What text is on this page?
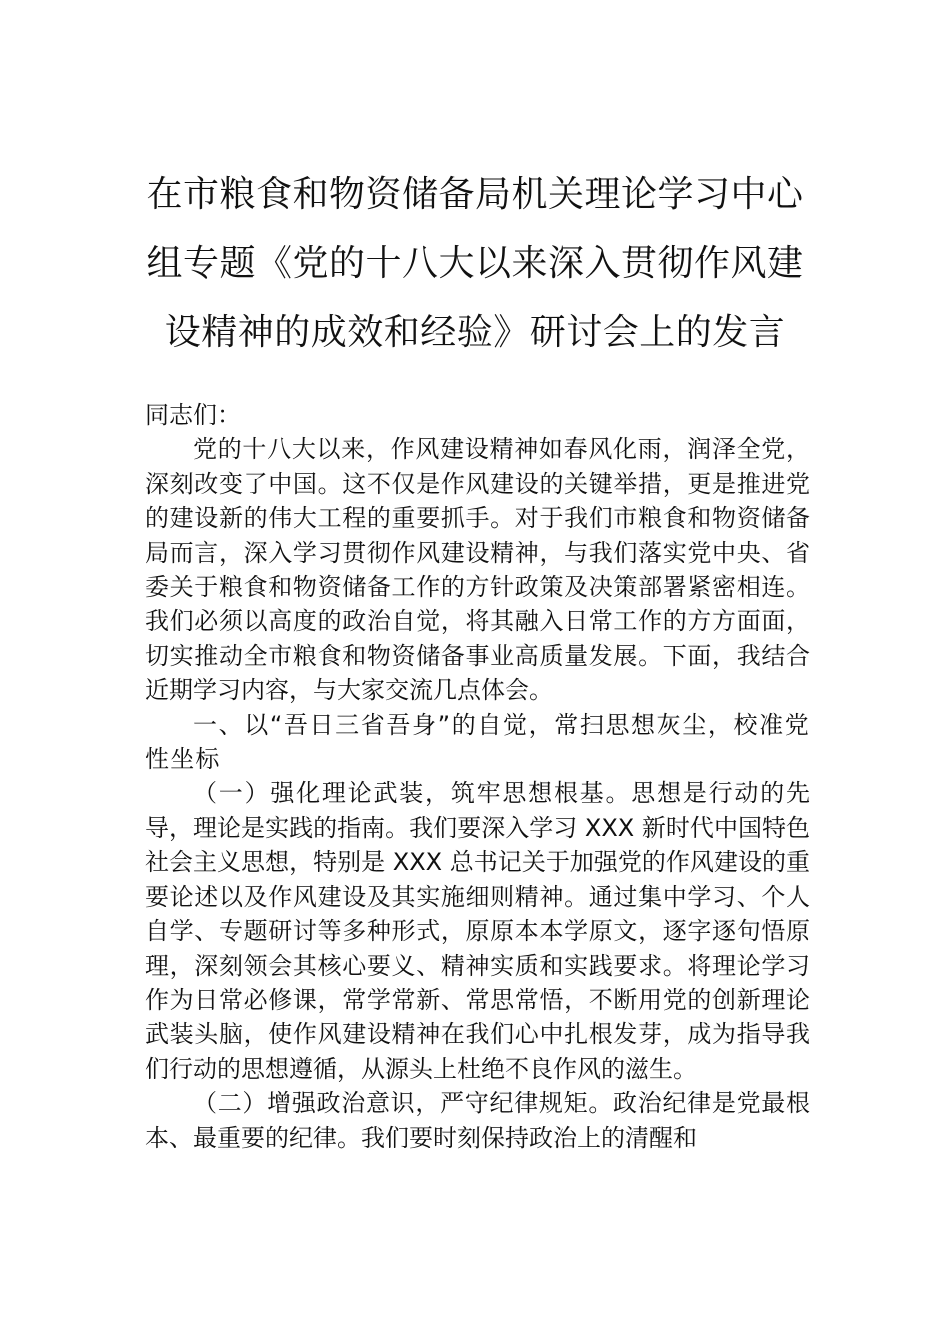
在市粮食和物资储备局机关理论学习中心
组专题《党的十八大以来深入贯彻作风建
设精神的成效和经验》研讨会上的发言

同志们：

党的十八大以来，作风建设精神如春风化雨，润泽全党，深刻改变了中国。这不仅是作风建设的关键举措，更是推进党的建设新的伟大工程的重要抓手。对于我们市粮食和物资储备局而言，深入学习贯彻作风建设精神，与我们落实党中央、省委关于粮食和物资储备工作的方针政策及决策部署紧密相连。我们必须以高度的政治自觉，将其融入日常工作的方方面面，切实推动全市粮食和物资储备事业高质量发展。下面，我结合近期学习内容，与大家交流几点体会。

一、以“吾日三省吾身”的自觉，常扫思想灰尘，校准党性坐标

（一）强化理论武装，筑牢思想根基。思想是行动的先导，理论是实践的指南。我们要深入学习 XXX 新时代中国特色社会主义思想，特别是 XXX 总书记关于加强党的作风建设的重要论述以及作风建设及其实施细则精神。通过集中学习、个人自学、专题研讨等多种形式，原原本本学原文，逐字逐句悟原理，深刻领会其核心要义、精神实质和实践要求。将理论学习作为日常必修课，常学常新、常思常悟，不断用党的创新理论武装头脑，使作风建设精神在我们心中扎根发芽，成为指导我们行动的思想遵循，从源头上杜绝不良作风的滋生。

（二）增强政治意识，严守纪律规矩。政治纪律是党最根本、最重要的纪律。我们要时刻保持政治上的清醒和
